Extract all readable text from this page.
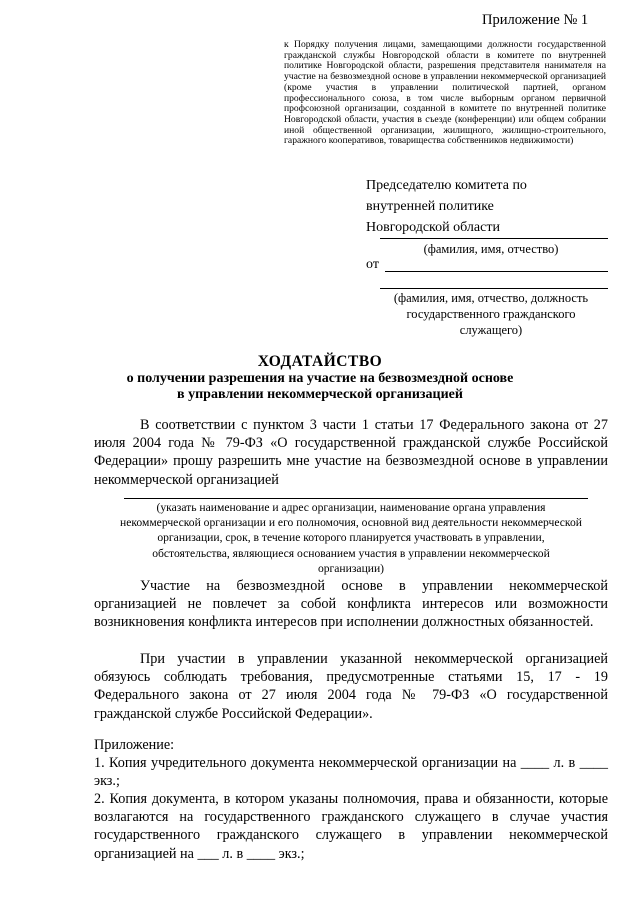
Приложение № 1
к Порядку получения лицами, замещающими должности государственной гражданской службы Новгородской области в комитете по внутренней политике Новгородской области, разрешения представителя нанимателя на участие на безвозмездной основе в управлении некоммерческой организацией (кроме участия в управлении политической партией, органом профессионального союза, в том числе выборным органом первичной профсоюзной организации, созданной в комитете по внутренней политике Новгородской области, участия в съезде (конференции) или общем собрании иной общественной организации, жилищного, жилищно-строительного, гаражного кооперативов, товарищества собственников недвижимости)
Председателю комитета по
внутренней политике
Новгородской области
(фамилия, имя, отчество)
от
(фамилия, имя, отчество, должность
государственного гражданского
служащего)
ХОДАТАЙСТВО
о получении разрешения на участие на безвозмездной основе
в управлении некоммерческой организацией

В соответствии с пунктом 3 части 1 статьи 17 Федерального закона от 27 июля 2004 года № 79-ФЗ «О государственной гражданской службе Российской Федерации» прошу разрешить мне участие на безвозмездной основе в управлении некоммерческой организацией

(указать наименование и адрес организации, наименование органа управления
некоммерческой организации и его полномочия, основной вид деятельности некоммерческой
организации, срок, в течение которого планируется участвовать в управлении,
обстоятельства, являющиеся основанием участия в управлении некоммерческой
организации)

Участие на безвозмездной основе в управлении некоммерческой организацией не повлечет за собой конфликта интересов или возможности возникновения конфликта интересов при исполнении должностных обязанностей.

При участии в управлении указанной некоммерческой организацией обязуюсь соблюдать требования, предусмотренные статьями 15, 17 - 19 Федерального закона от 27 июля 2004 года № 79-ФЗ «О государственной гражданской службе Российской Федерации».

Приложение:

1. Копия учредительного документа некоммерческой организации на ____ л. в ____ экз.;

2. Копия документа, в котором указаны полномочия, права и обязанности, которые возлагаются на государственного гражданского служащего в случае участия государственного гражданского служащего в управлении некоммерческой организацией на ___ л. в ____ экз.;
